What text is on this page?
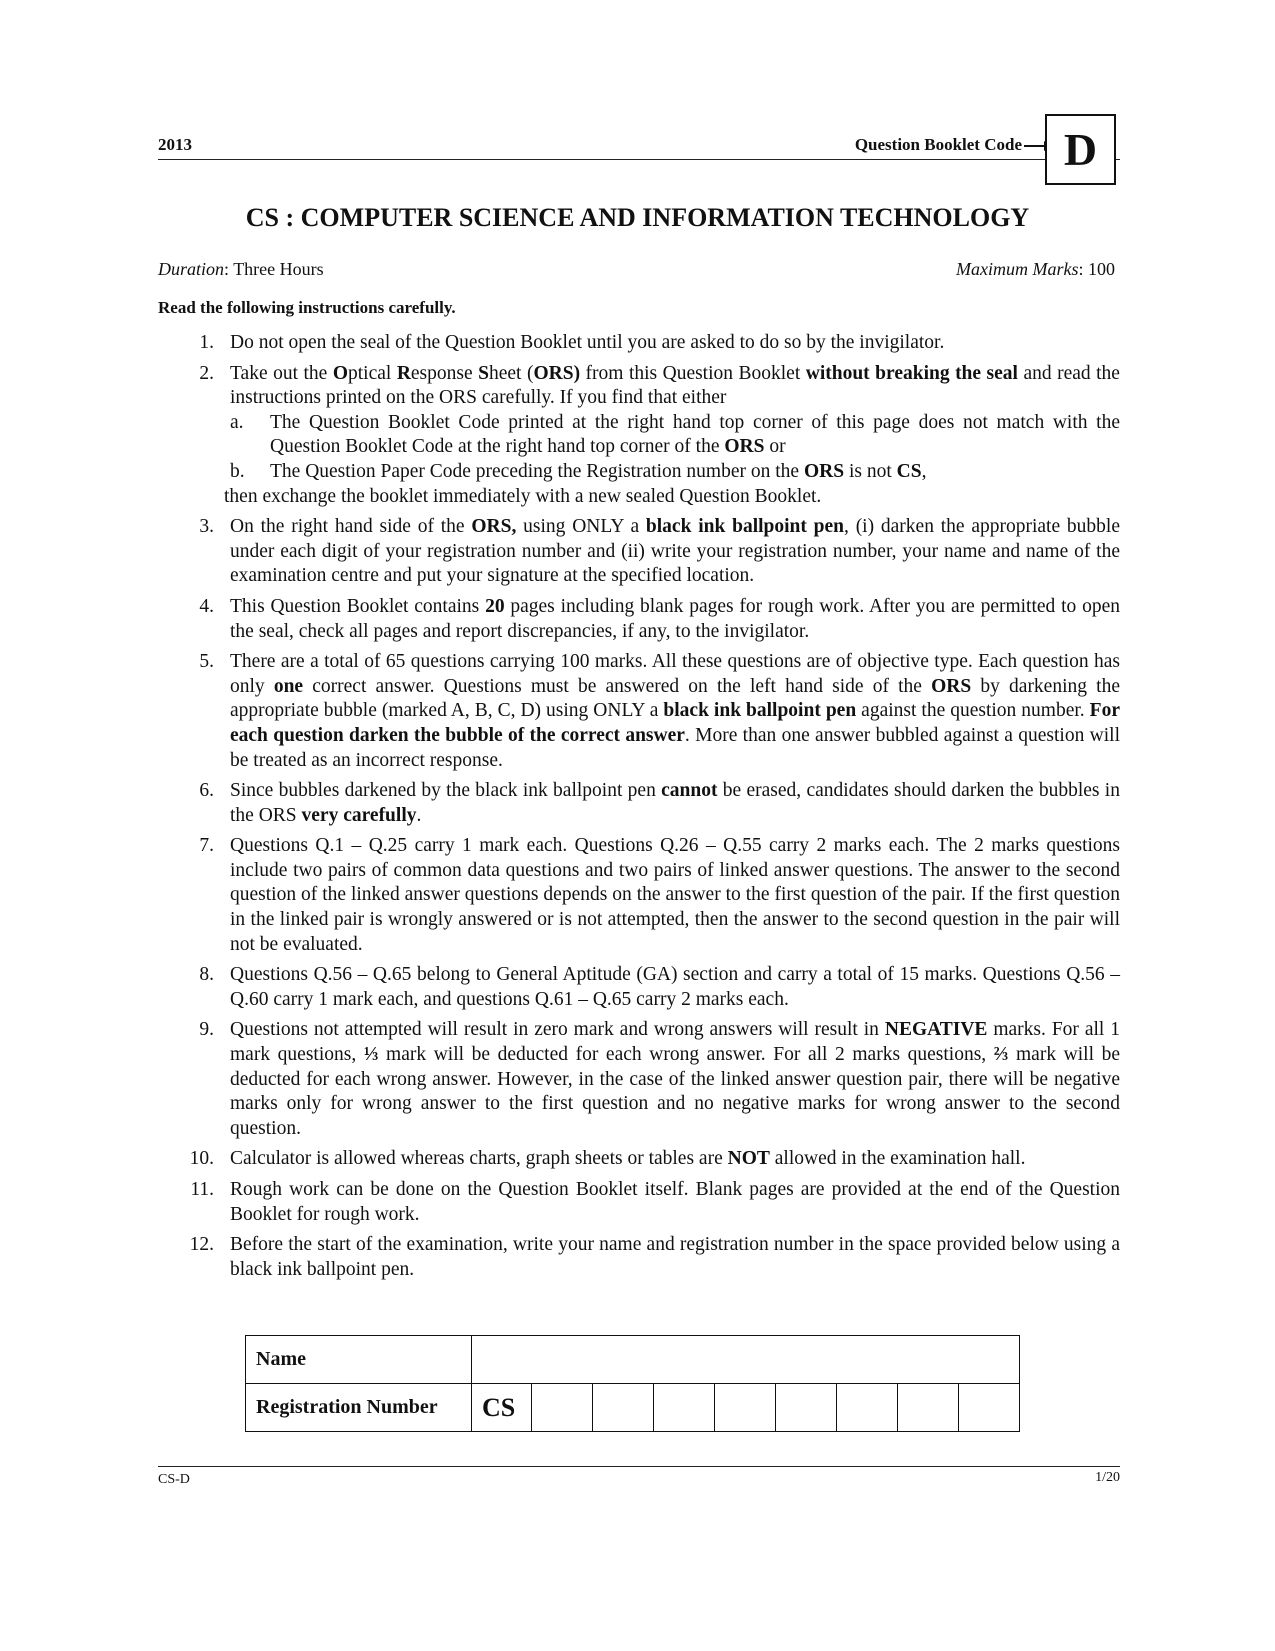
2013	Question Booklet Code D
CS : COMPUTER SCIENCE AND INFORMATION TECHNOLOGY
Duration: Three Hours	Maximum Marks: 100
Read the following instructions carefully.
1. Do not open the seal of the Question Booklet until you are asked to do so by the invigilator.
2. Take out the Optical Response Sheet (ORS) from this Question Booklet without breaking the seal and read the instructions printed on the ORS carefully. If you find that either
a. The Question Booklet Code printed at the right hand top corner of this page does not match with the Question Booklet Code at the right hand top corner of the ORS or
b. The Question Paper Code preceding the Registration number on the ORS is not CS,
then exchange the booklet immediately with a new sealed Question Booklet.
3. On the right hand side of the ORS, using ONLY a black ink ballpoint pen, (i) darken the appropriate bubble under each digit of your registration number and (ii) write your registration number, your name and name of the examination centre and put your signature at the specified location.
4. This Question Booklet contains 20 pages including blank pages for rough work. After you are permitted to open the seal, check all pages and report discrepancies, if any, to the invigilator.
5. There are a total of 65 questions carrying 100 marks. All these questions are of objective type. Each question has only one correct answer. Questions must be answered on the left hand side of the ORS by darkening the appropriate bubble (marked A, B, C, D) using ONLY a black ink ballpoint pen against the question number. For each question darken the bubble of the correct answer. More than one answer bubbled against a question will be treated as an incorrect response.
6. Since bubbles darkened by the black ink ballpoint pen cannot be erased, candidates should darken the bubbles in the ORS very carefully.
7. Questions Q.1 – Q.25 carry 1 mark each. Questions Q.26 – Q.55 carry 2 marks each. The 2 marks questions include two pairs of common data questions and two pairs of linked answer questions. The answer to the second question of the linked answer questions depends on the answer to the first question of the pair. If the first question in the linked pair is wrongly answered or is not attempted, then the answer to the second question in the pair will not be evaluated.
8. Questions Q.56 – Q.65 belong to General Aptitude (GA) section and carry a total of 15 marks. Questions Q.56 – Q.60 carry 1 mark each, and questions Q.61 – Q.65 carry 2 marks each.
9. Questions not attempted will result in zero mark and wrong answers will result in NEGATIVE marks. For all 1 mark questions, ⅓ mark will be deducted for each wrong answer. For all 2 marks questions, ⅔ mark will be deducted for each wrong answer. However, in the case of the linked answer question pair, there will be negative marks only for wrong answer to the first question and no negative marks for wrong answer to the second question.
10. Calculator is allowed whereas charts, graph sheets or tables are NOT allowed in the examination hall.
11. Rough work can be done on the Question Booklet itself. Blank pages are provided at the end of the Question Booklet for rough work.
12. Before the start of the examination, write your name and registration number in the space provided below using a black ink ballpoint pen.
Name									
Registration Number	CS								
CS-D	1/20
